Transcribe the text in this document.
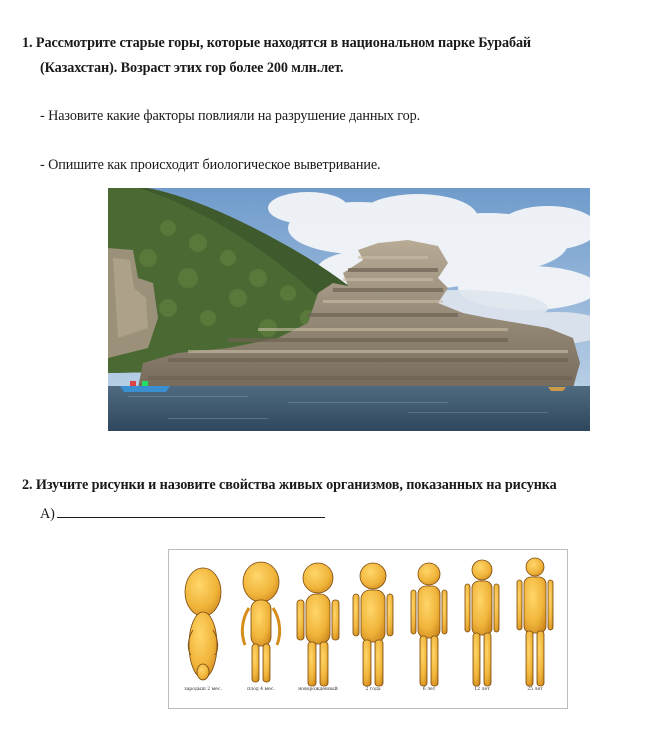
1. Рассмотрите старые горы, которые находятся в национальном парке Бурабай
(Казахстан). Возраст этих гор более 200 млн.лет.
- Назовите какие факторы повлияли на разрушение данных гор.
- Опишите как происходит биологическое выветривание.
2. Изучите рисунки и назовите свойства живых организмов, показанных на рисунка
А)
зародыш 2 мес.	плод 4 мес.	новорожденный	2 года	6 лет	12 лет	25 лет
